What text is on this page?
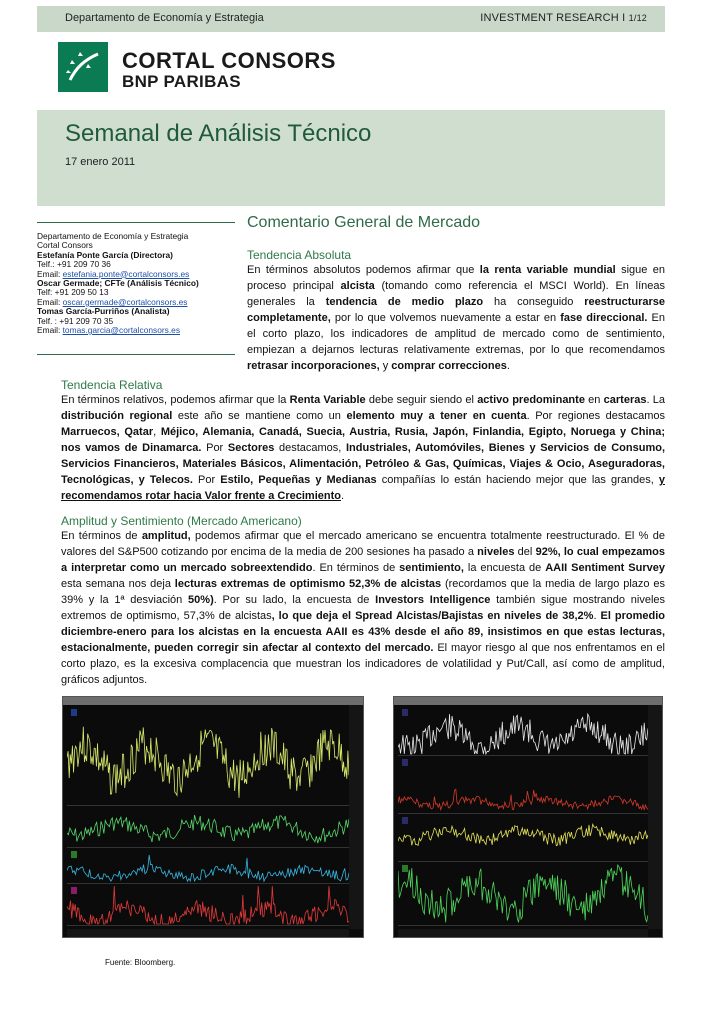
Departamento de Economía y Estrategia	INVESTMENT RESEARCH I 1/12
CORTAL CONSORS
BNP PARIBAS
Semanal de Análisis Técnico
17 enero 2011
Departamento de Economía y Estrategia
Cortal Consors
Estefanía Ponte García (Directora)
Telf.: +91 209 70 36
Email: estefania.ponte@cortalconsors.es
Oscar Germade; CFTe (Análisis Técnico)
Telf: +91 209 50 13
Email: oscar.germade@cortalconsors.es
Tomas García-Purriños (Analista)
Telf. : +91 209 70 35
Email: tomas.garcia@cortalconsors.es
Comentario General de Mercado
Tendencia Absoluta
En términos absolutos podemos afirmar que la renta variable mundial sigue en proceso principal alcista (tomando como referencia el MSCI World). En líneas generales la tendencia de medio plazo ha conseguido reestructurarse completamente, por lo que volvemos nuevamente a estar en fase direccional. En el corto plazo, los indicadores de amplitud de mercado como de sentimiento, empiezan a dejarnos lecturas relativamente extremas, por lo que recomendamos retrasar incorporaciones, y comprar correcciones.
Tendencia Relativa
En términos relativos, podemos afirmar que la Renta Variable debe seguir siendo el activo predominante en carteras. La distribución regional este año se mantiene como un elemento muy a tener en cuenta. Por regiones destacamos Marruecos, Qatar, Méjico, Alemania, Canadá, Suecia, Austria, Rusia, Japón, Finlandia, Egipto, Noruega y China; nos vamos de Dinamarca. Por Sectores destacamos, Industriales, Automóviles, Bienes y Servicios de Consumo, Servicios Financieros, Materiales Básicos, Alimentación, Petróleo & Gas, Químicas, Viajes & Ocio, Aseguradoras, Tecnológicas, y Telecos. Por Estilo, Pequeñas y Medianas compañías lo están haciendo mejor que las grandes, y recomendamos rotar hacia Valor frente a Crecimiento.
Amplitud y Sentimiento (Mercado Americano)
En términos de amplitud, podemos afirmar que el mercado americano se encuentra totalmente reestructurado. El % de valores del S&P500 cotizando por encima de la media de 200 sesiones ha pasado a niveles del 92%, lo cual empezamos a interpretar como un mercado sobreextendido. En términos de sentimiento, la encuesta de AAII Sentiment Survey esta semana nos deja lecturas extremas de optimismo 52,3% de alcistas (recordamos que la media de largo plazo es 39% y la 1ª desviación 50%). Por su lado, la encuesta de Investors Intelligence también sigue mostrando niveles extremos de optimismo, 57,3% de alcistas, lo que deja el Spread Alcistas/Bajistas en niveles de 38,2%. El promedio diciembre-enero para los alcistas en la encuesta AAII es 43% desde el año 89, insistimos en que estas lecturas, estacionalmente, pueden corregir sin afectar al contexto del mercado. El mayor riesgo al que nos enfrentamos en el corto plazo, es la excesiva complacencia que muestran los indicadores de volatilidad y Put/Call, así como de amplitud, gráficos adjuntos.
Fuente: Bloomberg.
